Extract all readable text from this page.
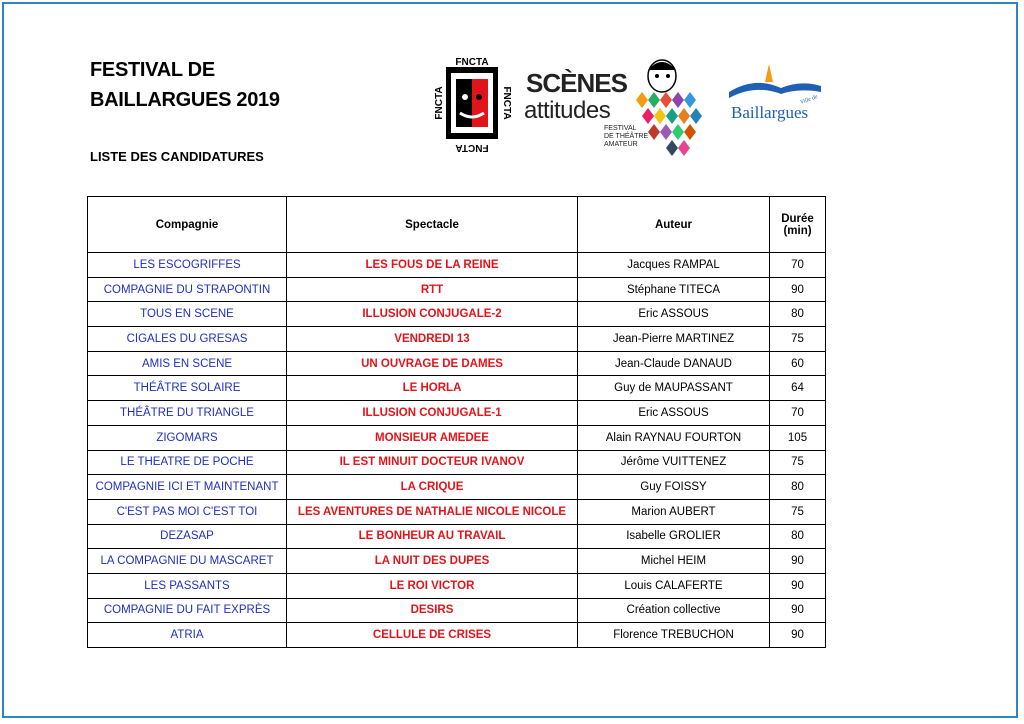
FESTIVAL DE
BAILLARGUES 2019
LISTE DES CANDIDATURES
FNCTA
FNCTA
FNCTA	FNCTA
SCÈNES
attitudes
FESTIVAL
DE THÉÂTRE
AMATEUR
Ville de
Baillargues
Compagnie	Spectacle	Auteur	Durée
(min)

LES ESCOGRIFFES	LES FOUS DE LA REINE	Jacques RAMPAL	70
COMPAGNIE DU STRAPONTIN	RTT	Stéphane TITECA	90
TOUS EN SCENE	ILLUSION CONJUGALE-2	Eric ASSOUS	80
CIGALES DU GRESAS	VENDREDI 13	Jean-Pierre MARTINEZ	75
AMIS EN SCENE	UN OUVRAGE DE DAMES	Jean-Claude DANAUD	60
THÉÂTRE SOLAIRE	LE HORLA	Guy de MAUPASSANT	64
THÉÂTRE DU TRIANGLE	ILLUSION CONJUGALE-1	Eric ASSOUS	70
ZIGOMARS	MONSIEUR AMEDEE	Alain RAYNAU FOURTON	105
LE THEATRE DE POCHE	IL EST MINUIT DOCTEUR IVANOV	Jérôme VUITTENEZ	75
COMPAGNIE ICI ET MAINTENANT	LA CRIQUE	Guy FOISSY	80
C'EST PAS MOI C'EST TOI	LES AVENTURES DE NATHALIE NICOLE NICOLE	Marion AUBERT	75
DEZASAP	LE BONHEUR AU TRAVAIL	Isabelle GROLIER	80
LA COMPAGNIE DU MASCARET	LA NUIT DES DUPES	Michel HEIM	90
LES PASSANTS	LE ROI VICTOR	Louis CALAFERTE	90
COMPAGNIE DU FAIT EXPRÈS	DESIRS	Création collective	90
ATRIA	CELLULE DE CRISES	Florence TREBUCHON	90
